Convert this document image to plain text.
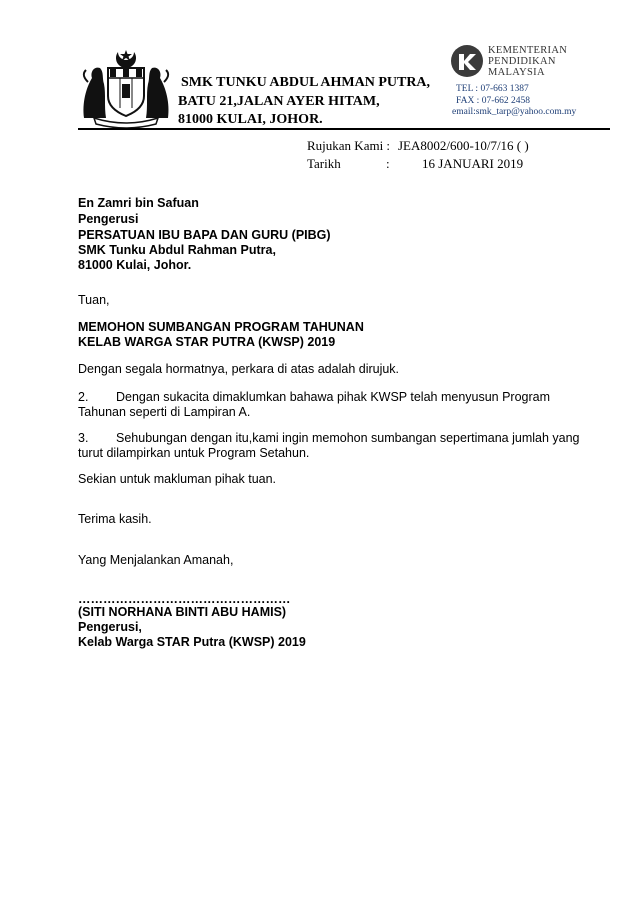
SMK TUNKU ABDUL AHMAN PUTRA,
BATU 21,JALAN AYER HITAM,
81000 KULAI, JOHOR.
KEMENTERIAN
PENDIDIKAN
MALAYSIA
TEL : 07-663 1387
FAX : 07-662 2458
email:smk_tarp@yahoo.com.my
Rujukan Kami : JEA8002/600-10/7/16 ( )
Tarikh	: 16 JANUARI 2019
En Zamri bin Safuan
Pengerusi
PERSATUAN IBU BAPA DAN GURU (PIBG)
SMK Tunku Abdul Rahman Putra,
81000 Kulai, Johor.
Tuan,
MEMOHON SUMBANGAN PROGRAM TAHUNAN
KELAB WARGA STAR PUTRA (KWSP) 2019
Dengan segala hormatnya, perkara di atas adalah dirujuk.
2. Dengan sukacita dimaklumkan bahawa pihak KWSP telah menyusun Program
Tahunan seperti di Lampiran A.
3. Sehubungan dengan itu,kami ingin memohon sumbangan sepertimana jumlah yang
turut dilampirkan untuk Program Setahun.
Sekian untuk makluman pihak tuan.
Terima kasih.
Yang Menjalankan Amanah,
……………………………………………
(SITI NORHANA BINTI ABU HAMIS)
Pengerusi,
Kelab Warga STAR Putra (KWSP) 2019
